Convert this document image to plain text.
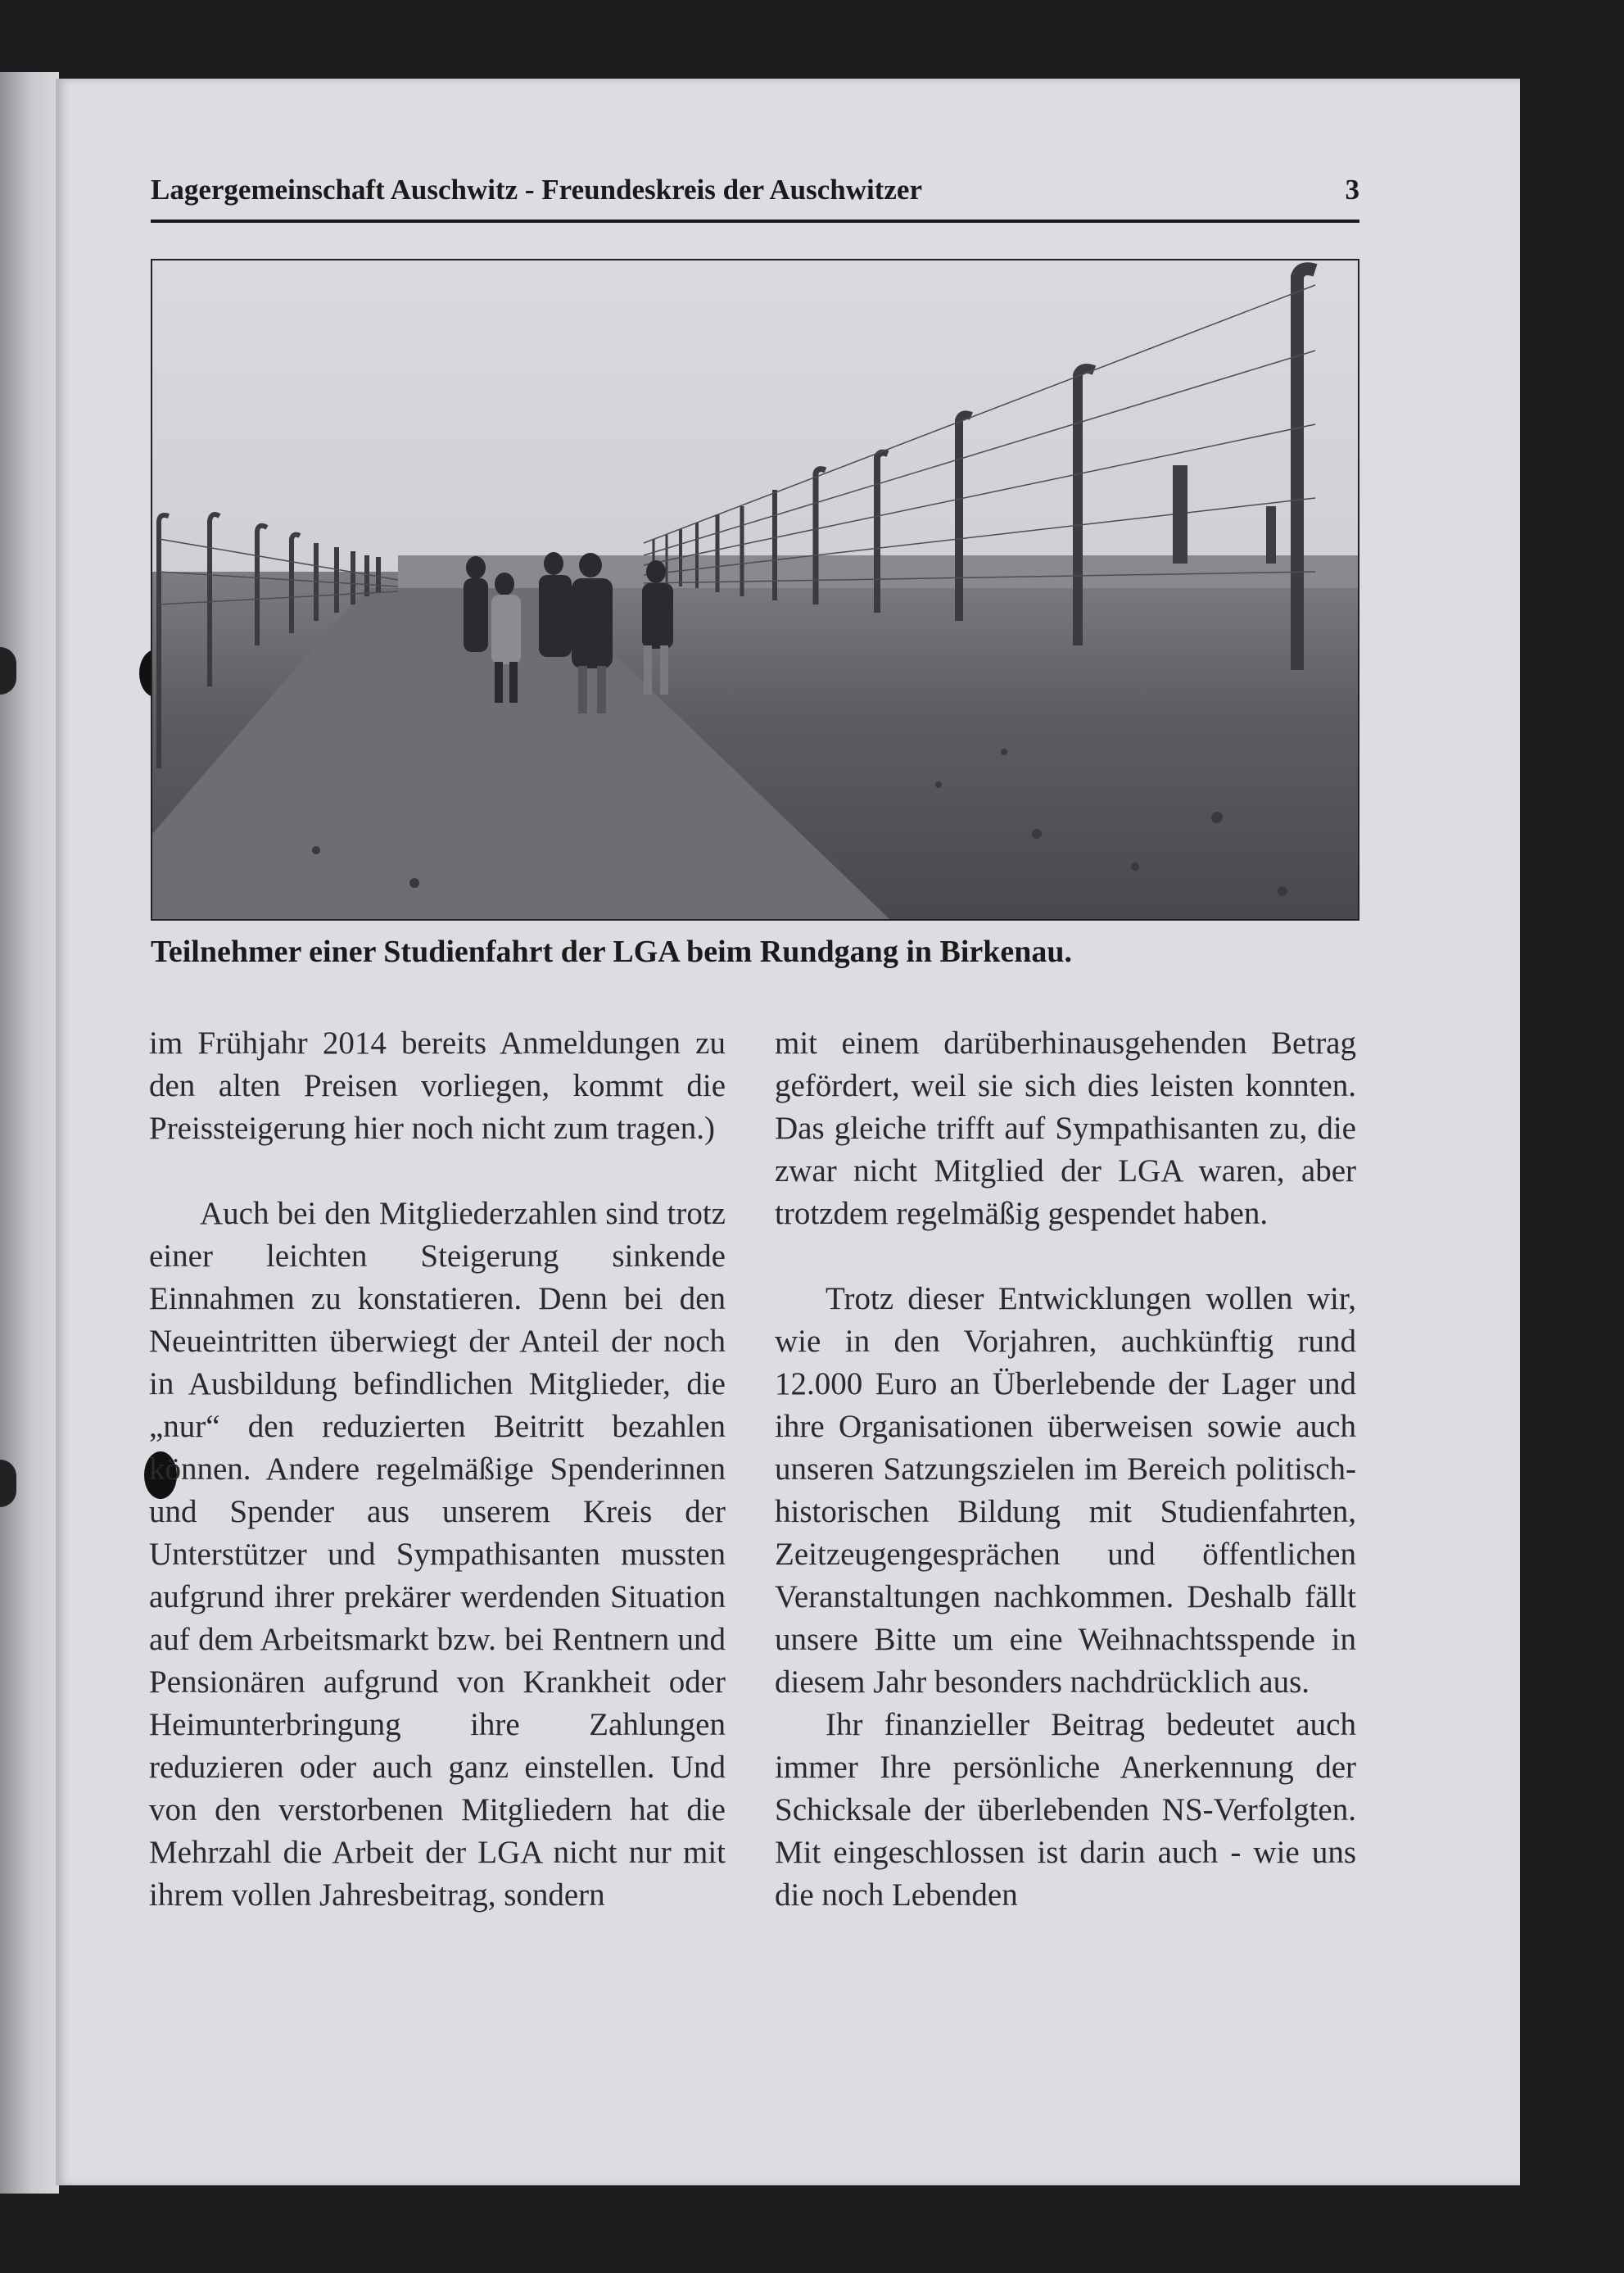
Lagergemeinschaft Auschwitz - Freundeskreis der Auschwitzer	3
Teilnehmer einer Studienfahrt der LGA beim Rundgang in Birkenau.

im Frühjahr 2014 bereits Anmeldungen zu den alten Preisen vorliegen, kommt die Preissteigerung hier noch nicht zum tragen.)

Auch bei den Mitgliederzahlen sind trotz einer leichten Steigerung sinkende Einnahmen zu konstatieren. Denn bei den Neueintritten überwiegt der Anteil der noch in Ausbildung befindlichen Mitglieder, die „nur“ den reduzierten Beitritt bezahlen können. Andere regelmäßige Spenderinnen und Spender aus unserem Kreis der Unterstützer und Sympathisanten mussten aufgrund ihrer prekärer werdenden Situation auf dem Arbeitsmarkt bzw. bei Rentnern und Pensionären aufgrund von Krankheit oder Heimunterbringung ihre Zahlungen reduzieren oder auch ganz einstellen. Und von den verstorbenen Mitgliedern hat die Mehrzahl die Arbeit der LGA nicht nur mit ihrem vollen Jahresbeitrag, sondern

mit einem darüberhinausgehenden Betrag gefördert, weil sie sich dies leisten konnten. Das gleiche trifft auf Sympathisanten zu, die zwar nicht Mitglied der LGA waren, aber trotzdem regelmäßig gespendet haben.

Trotz dieser Entwicklungen wollen wir, wie in den Vorjahren, auchkünftig rund 12.000 Euro an Überlebende der Lager und ihre Organisationen überweisen sowie auch unseren Satzungszielen im Bereich politisch-historischen Bildung mit Studienfahrten, Zeitzeugengesprächen und öffentlichen Veranstaltungen nachkommen. Deshalb fällt unsere Bitte um eine Weihnachtsspende in diesem Jahr besonders nachdrücklich aus.

Ihr finanzieller Beitrag bedeutet auch immer Ihre persönliche Anerkennung der Schicksale der überlebenden NS-Verfolgten. Mit eingeschlossen ist darin auch - wie uns die noch Lebenden
